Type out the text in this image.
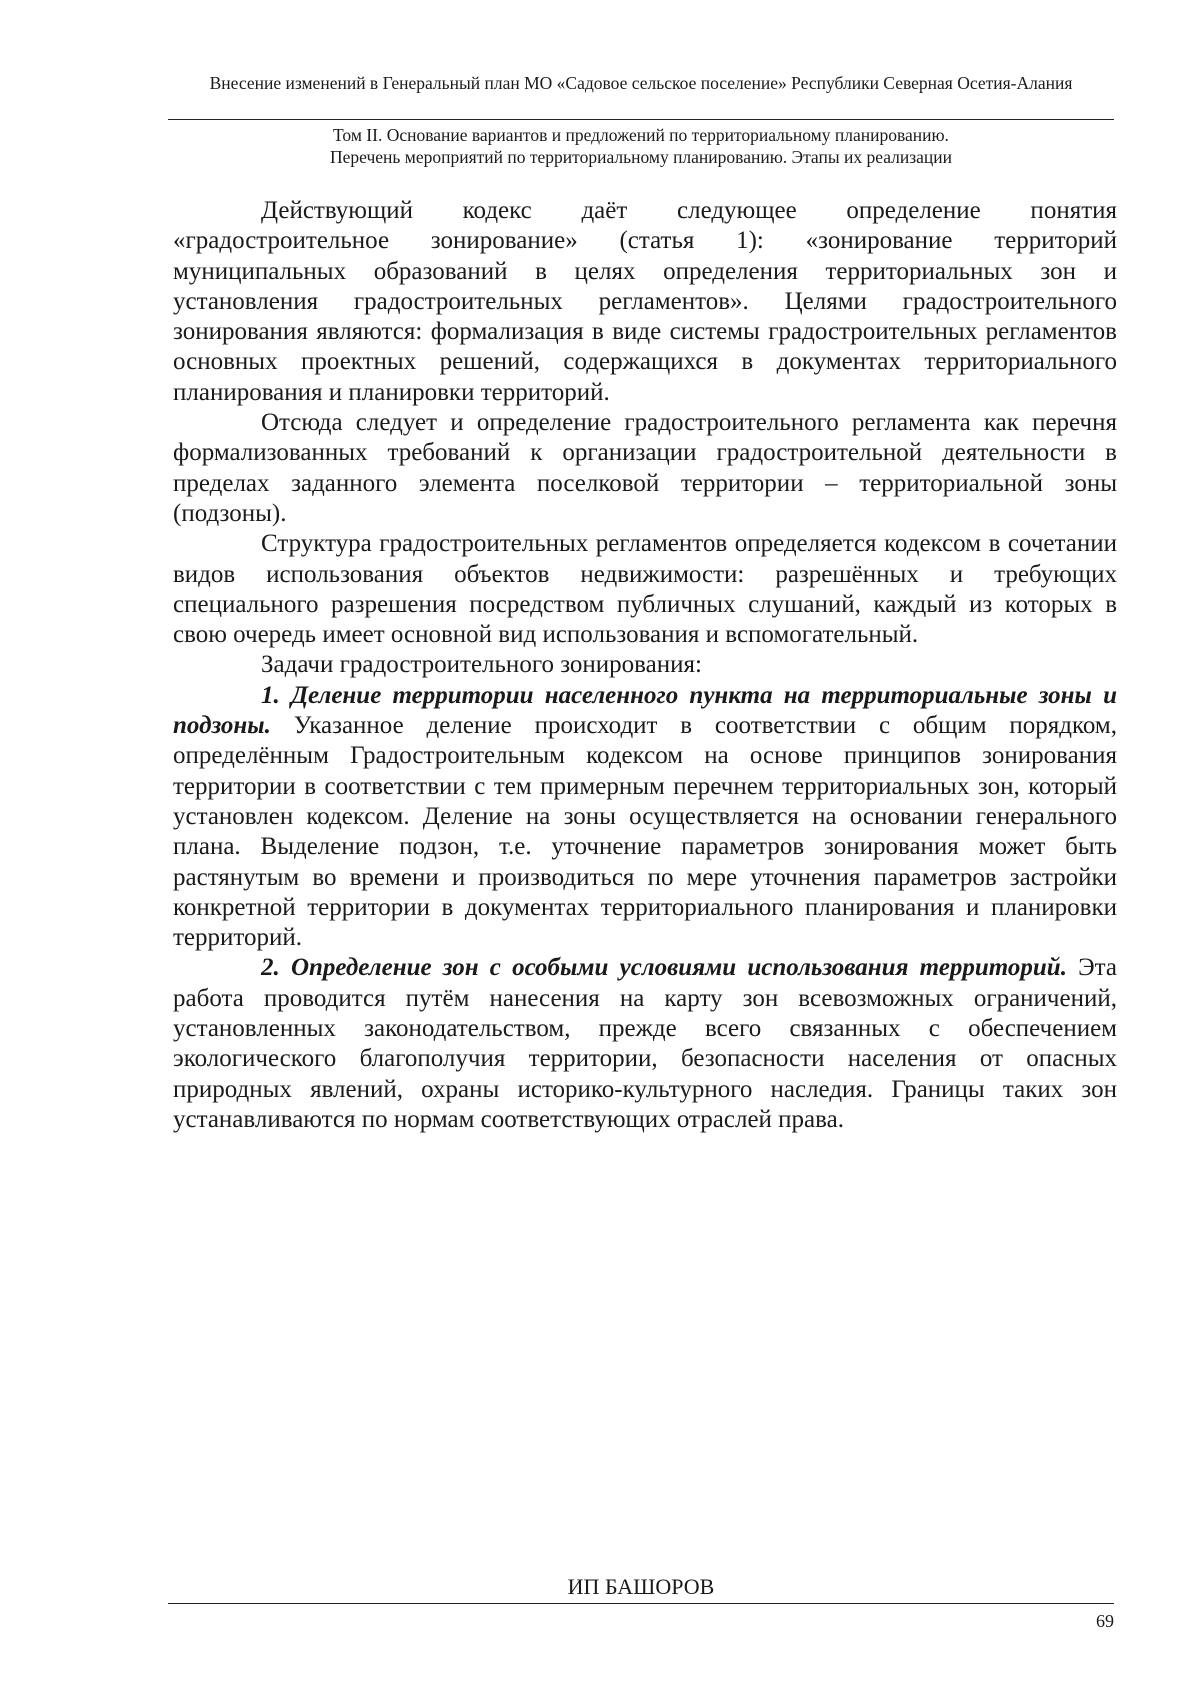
Внесение изменений в Генеральный план МО «Садовое сельское поселение» Республики Северная Осетия-Алания
Том II. Основание вариантов и предложений по территориальному планированию.
Перечень мероприятий по территориальному планированию. Этапы их реализации

Действующий кодекс даёт следующее определение понятия «градостроительное зонирование» (статья 1): «зонирование территорий муниципальных образований в целях определения территориальных зон и установления градостроительных регламентов». Целями градостроительного зонирования являются: формализация в виде системы градостроительных регламентов основных проектных решений, содержащихся в документах территориального планирования и планировки территорий.

Отсюда следует и определение градостроительного регламента как перечня формализованных требований к организации градостроительной деятельности в пределах заданного элемента поселковой территории – территориальной зоны (подзоны).

Структура градостроительных регламентов определяется кодексом в сочетании видов использования объектов недвижимости: разрешённых и требующих специального разрешения посредством публичных слушаний, каждый из которых в свою очередь имеет основной вид использования и вспомогательный.

Задачи градостроительного зонирования:

1. Деление территории населенного пункта на территориальные зоны и подзоны. Указанное деление происходит в соответствии с общим порядком, определённым Градостроительным кодексом на основе принципов зонирования территории в соответствии с тем примерным перечнем территориальных зон, который установлен кодексом. Деление на зоны осуществляется на основании генерального плана. Выделение подзон, т.е. уточнение параметров зонирования может быть растянутым во времени и производиться по мере уточнения параметров застройки конкретной территории в документах территориального планирования и планировки территорий.

2. Определение зон с особыми условиями использования территорий. Эта работа проводится путём нанесения на карту зон всевозможных ограничений, установленных законодательством, прежде всего связанных с обеспечением экологического благополучия территории, безопасности населения от опасных природных явлений, охраны историко-культурного наследия. Границы таких зон устанавливаются по нормам соответствующих отраслей права.

ИП БАШОРОВ
69
